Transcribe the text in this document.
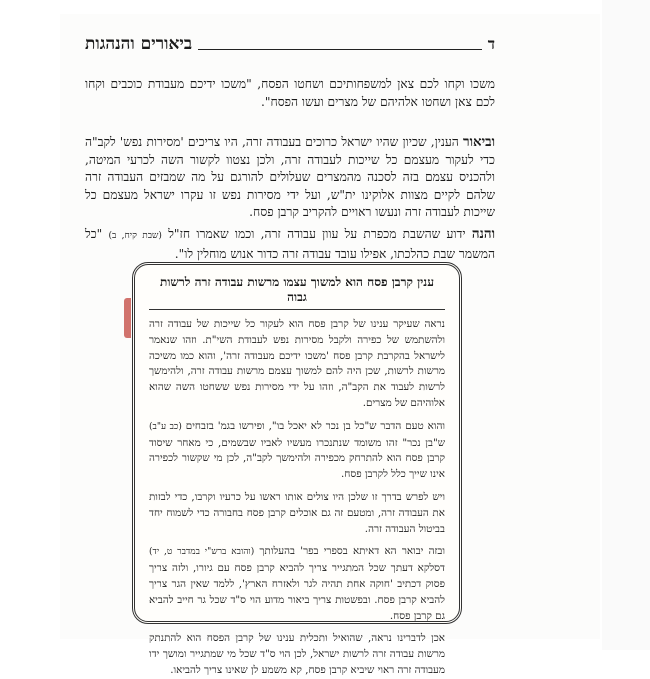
ד
ביאורים והנהגות
משכו וקחו לכם צאן למשפחותיכם ושחטו הפסח, "משכו ידיכם מעבודת כוכבים וקחו לכם צאן ושחטו אלהיהם של מצרים ועשו הפסח".
וביאור הענין, שכיון שהיו ישראל כרוכים בעבודה זרה, היו צריכים 'מסירות נפש' לקב"ה כדי לעקור מעצמם כל שייכות לעבודה זרה, ולכן נצטוו לקשור השה לכרעי המיטה, ולהכניס עצמם בזה לסכנה מהמצרים שעלולים להורגם על מה שמבזים העבודה זרה שלהם לקיים מצוות אלוקינו ית"ש, ועל ידי מסירות נפש זו עקרו ישראל מעצמם כל שייכות לעבודה זרה ונעשו ראויים להקריב קרבן פסח.
והנה ידוע שהשבת מכפרת על עוון עבודה זרה, וכמו שאמרו חז"ל (שבת קיח, ב) "כל המשמר שבת כהלכתו, אפילו עובד עבודה זרה כדור אנוש מוחלין לו".
ענין קרבן פסח הוא למשוך עצמו מרשות עבודה זרה לרשות גבוה

נראה שעיקר ענינו של קרבן פסח הוא לעקור כל שייכות של עבודה זרה ולהשתמש של כפירה ולקבל מסירות נפש לעבודת השי"ת. וזהו שנאמר לישראל בהקרבת קרבן פסח 'משכו ידיכם מעבודה זרה', והוא כמו משיכה מרשות לרשות, שכן היה להם למשוך עצמם מרשות עבודה זרה, ולהימשך לרשות לעבוד את הקב"ה, וזהו על ידי מסירות נפש ששחטו השה שהוא אלוהיהם של מצרים.

והוא טעם הדבר ש"כל בן נכר לא יאכל בו", ופירשו בגמ' בזבחים (כב ע"ב) ש"בן נכר" זהו משומד שנתנכרו מעשיו לאביו שבשמים, כי מאחר שיסוד קרבן פסח הוא להתרחק מכפירה ולהימשך לקב"ה, לכן מי שקשור לכפירה אינו שייך כלל לקרבן פסח.

ויש לפרש בדרך זו שלכן היו צולים אותו ראשו על כרעיו וקרבו, כדי לבזות את העבודה זרה, ומטעם זה גם אוכלים קרבן פסח בחבורה כדי לשמוח יחד בביטול העבודה זרה.

ובזה יבואר הא דאיתא בספרי בפר' בהעלותך (והובא ברש"י במדבר ט, יד) דסלקא דעתך שכל המתגייר צריך להביא קרבן פסח עם גיורו, ולזה צריך פסוק דכתיב 'חוקה אחת תהיה לגר ולאזרח הארץ', ללמד שאין הגר צריך להביא קרבן פסח. ובפשטות צריך ביאור מדוע הוי ס"ד שכל גר חייב להביא גם קרבן פסח.

אכן לדברינו נראה, שהואיל ותכלית ענינו של קרבן הפסח הוא להתנתק מרשות עבודה זרה לרשות ישראל, לכן הוי ס"ד שכל מי שמתגייר ומושך ידו מעבודה זרה ראוי שיביא קרבן פסח, קא משמע לן שאינו צריך להביאו.
